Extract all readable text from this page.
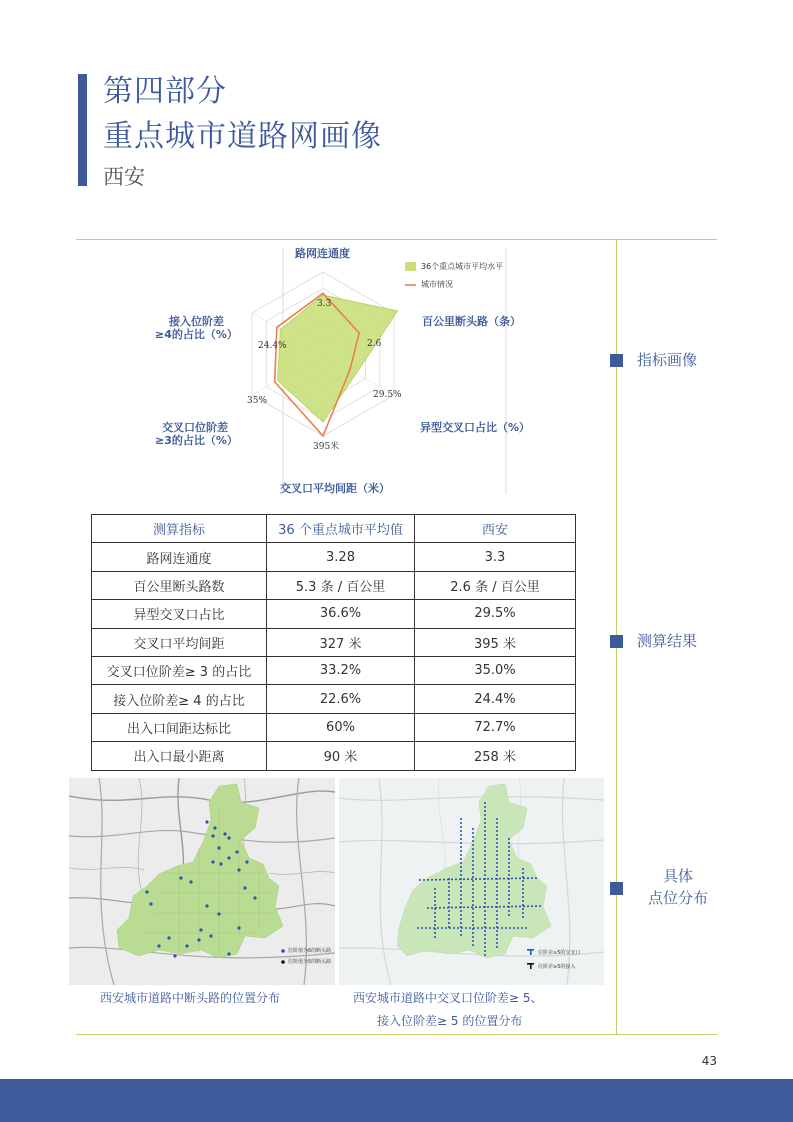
第四部分
重点城市道路网画像
西安
指标画像
测算结果
具体
点位分布
36个重点城市平均水平
城市情况
路网连通度
百公里断头路（条）
异型交叉口占比（%）
交叉口平均间距（米）
交叉口位阶差
≥3的占比（%）
接入位阶差
≥4的占比（%）
3.3
2.6
29.5%
395米
35%
24.4%
测算指标	36 个重点城市平均值	西安
路网连通度	3.28	3.3
百公里断头路数	5.3 条 / 百公里	2.6 条 / 百公里
异型交叉口占比	36.6%	29.5%
交叉口平均间距	327 米	395 米
交叉口位阶差≥ 3 的占比	33.2%	35.0%
接入位阶差≥ 4 的占比	22.6%	24.4%
出入口间距达标比	60%	72.7%
出入口最小距离	90 米	258 米
位阶值为6的断头路
位阶值为5的断头路
位阶差≥5的交叉口
位阶差≥5的接入
西安城市道路中断头路的位置分布	西安城市道路中交叉口位阶差≥ 5、
接入位阶差≥ 5 的位置分布
43
